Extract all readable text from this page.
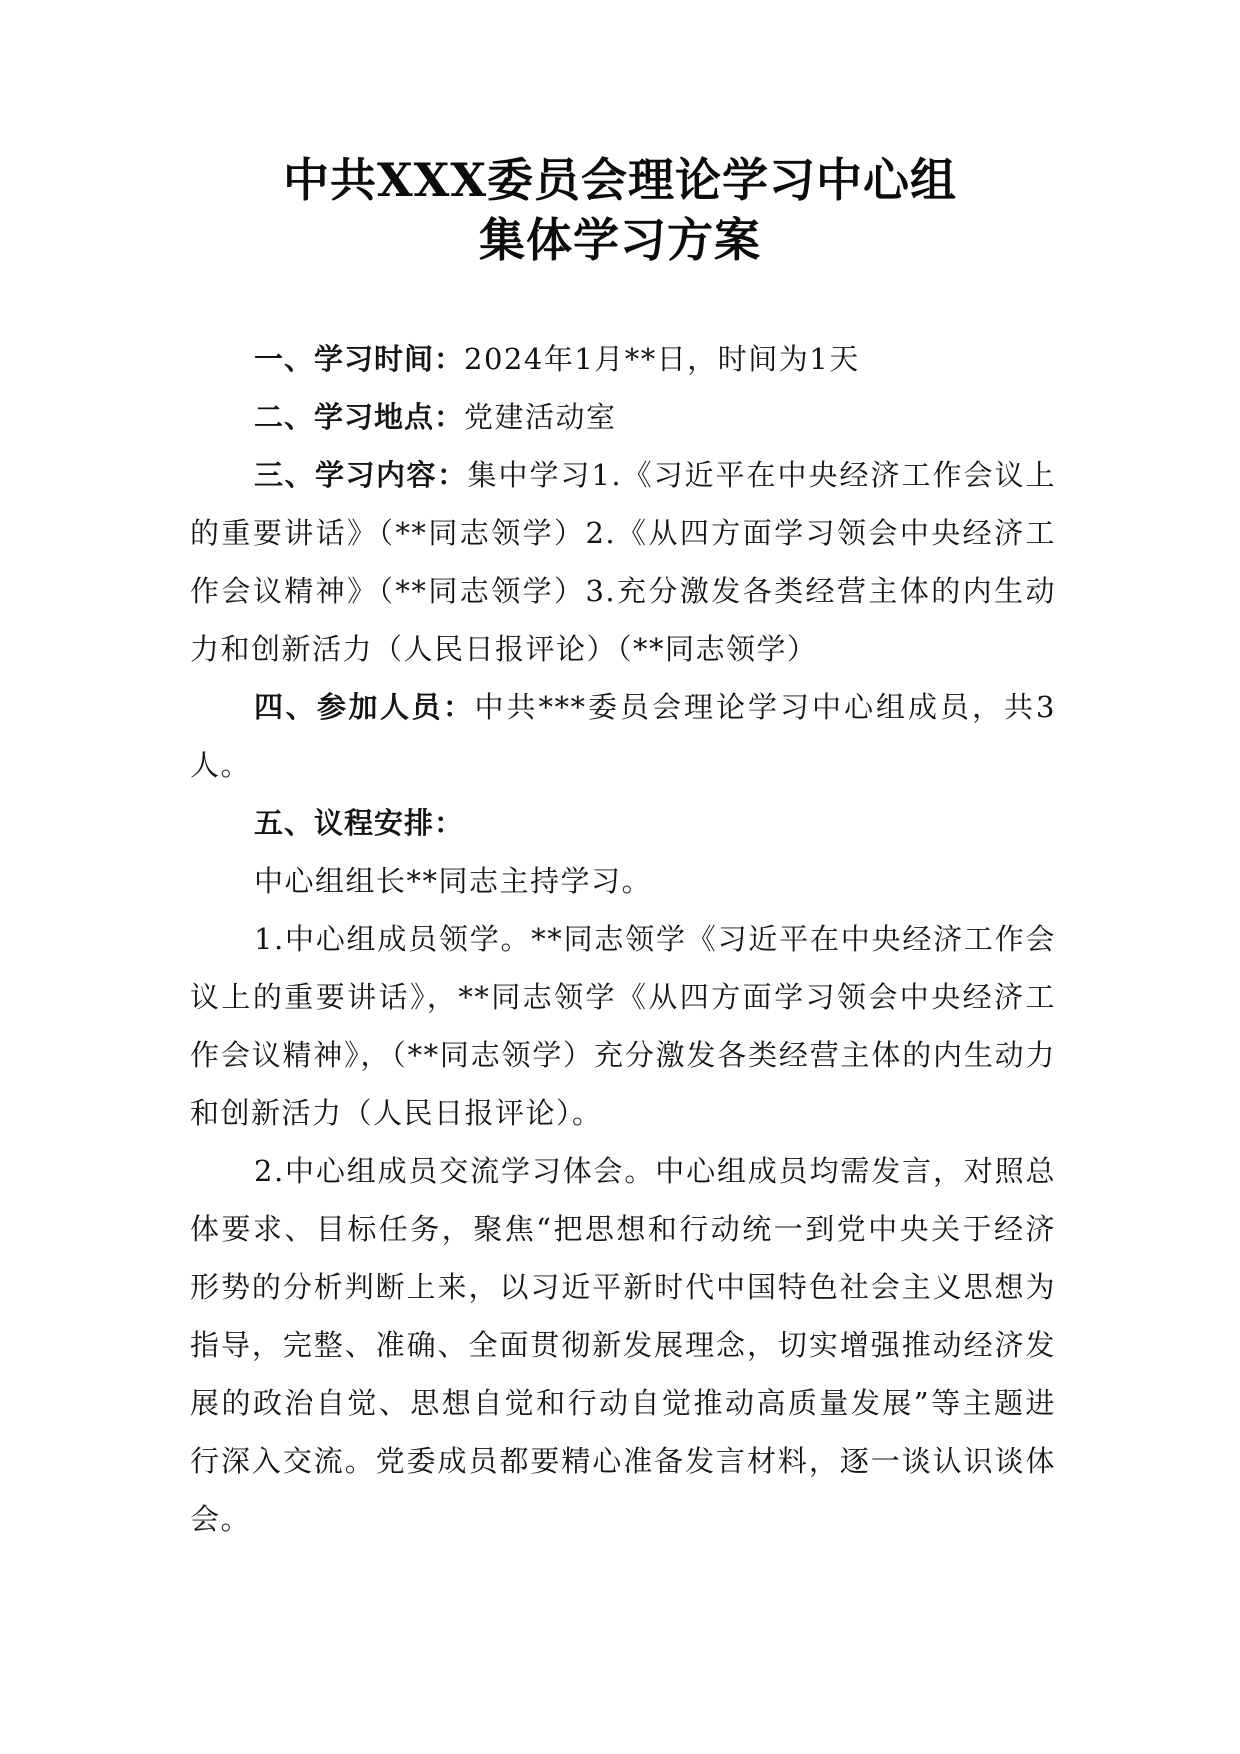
中共XXX委员会理论学习中心组
集体学习方案

一、学习时间：2024年1月**日，时间为1天

二、学习地点：党建活动室

三、学习内容：集中学习1.《习近平在中央经济工作会议上的重要讲话》（**同志领学）2.《从四方面学习领会中央经济工作会议精神》（**同志领学）3.充分激发各类经营主体的内生动力和创新活力（人民日报评论）（**同志领学）

四、参加人员：中共***委员会理论学习中心组成员，共3人。

五、议程安排：

中心组组长**同志主持学习。

1.中心组成员领学。**同志领学《习近平在中央经济工作会议上的重要讲话》，**同志领学《从四方面学习领会中央经济工作会议精神》，（**同志领学）充分激发各类经营主体的内生动力和创新活力（人民日报评论）。

2.中心组成员交流学习体会。中心组成员均需发言，对照总体要求、目标任务，聚焦“把思想和行动统一到党中央关于经济形势的分析判断上来，以习近平新时代中国特色社会主义思想为指导，完整、准确、全面贯彻新发展理念，切实增强推动经济发展的政治自觉、思想自觉和行动自觉推动高质量发展”等主题进行深入交流。党委成员都要精心准备发言材料，逐一谈认识谈体会。
